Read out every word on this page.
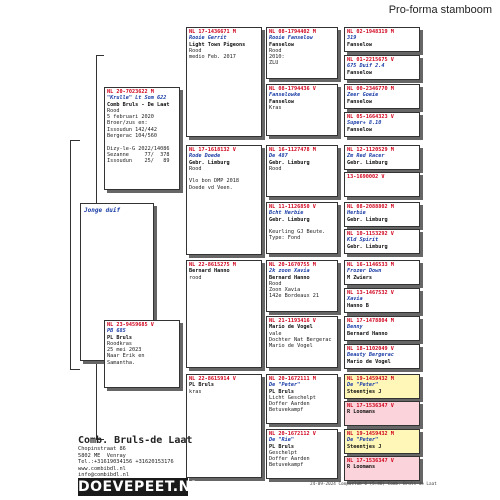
Pro-forma stamboom
Jonge duif
NL 20-7023622 M
"Krulle" Lt Som 622
Comb Bruls - De Laat
Rood
5 februari 2020
Broer/zus en:
Issoudun 142/442
Bergerac 104/560

Dizy-le-G 2022/14086
Sezanne     77/  378
Issoudun    25/   89
NL 23-9459685 V
PB 685
PL Bruls
Roodkras
25 mei 2023
Naar Erik en
Samantha.
NL 17-1436671 M
Rooie Gerrit
Light Town Pigeons
Rood
medio Feb. 2017
NL 17-1618132 V
Rode Doede
Gebr. Limburg
Rood

Vlo bon DMP 2018
Doede vd Veen.
NL 22-8615275 M
Bernard Hanno
rood
NL 22-8615914 V
PL Bruls
kras
NL 08-1794402 M
Rooie Fanselow
Fanselow
Rood
2010:
ZLU
NL 08-1794436 V
Fanselowke
Fanselow
Kras
NL 16-1127478 M
De 487
Gebr. Limburg
Rood
NL 11-1126850 V
Bcht Herbie
Gebr. Limburg

Keurling GJ Beute.
Type: Fond
NL 20-1670755 M
2k zoon Xavia
Bernard Hanno
Rood
Zoon Xavia
142e Bordeaux 21
NL 21-1193416 V
Mario de Vogel
vale
Dochter Nat Bergerac
Mario de Vogel
NL 20-1672111 M
De "Peter"
PL Bruls
Licht Geschelpt
Doffer Aarden
Betuvekampf
NL 20-1672112 V
De "Rie"
PL Bruls
Geschelpt
Doffer Aarden
Betuvekampf
NL 02-1948319 M
319
Fanselow
NL 01-2215675 V
675 Duif 2.4
Fanselow
NL 00-2346770 M
Zeer Goeie
Fanselow
NL 05-1664323 V
Super+ 8.10
Fanselow
NL 12-1120529 M
Zm Red Racer
Gebr. Limburg
13-1690002 V
NL 08-2088802 M
Herbie
Gebr. Limburg
NL 10-1153292 V
Kld Spirit
Gebr. Limburg
NL 16-1146533 M
Frozer Down
M Zwiers
NL 13-1467532 V
Xavia
Hanno B
NL 17-1478804 M
Benny
Bernard Hanno
NL 18-1102049 V
Beauty Bergerac
Mario de Vogel
NL 19-1459432 M
De "Peter"
Steentjes J
NL 17-1536347 V
R Loomans
NL 19-1459432 M
De "Peter"
Steentjes J
NL 17-1536347 V
R Loomans
Comb. Bruls-de Laat
Chopinstraat 86
5802 ME  Venray
Tel.:+31619034156 +31620153176
www.combibdl.nl
info@combibdl.nl
DOEVEPEET.NL	24-09-2024 Compuclub 6 (5.48) Comb. Bruls-de Laat
